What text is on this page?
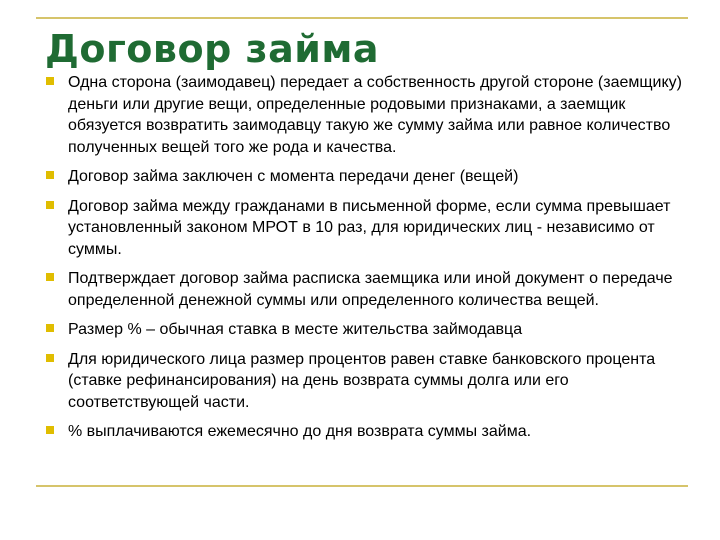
Договор займа
Одна сторона (заимодавец) передает а собственность другой стороне (заемщику) деньги или другие вещи, определенные родовыми признаками, а заемщик обязуется возвратить заимодавцу такую же сумму займа или равное количество полученных вещей того же рода и качества.
Договор займа заключен с момента передачи денег (вещей)
Договор займа между гражданами в письменной форме, если сумма превышает установленный законом МРОТ в 10 раз, для юридических лиц - независимо от суммы.
Подтверждает договор займа расписка заемщика или иной документ о передаче определенной денежной суммы или определенного количества вещей.
Размер % – обычная ставка в месте жительства займодавца
Для юридического лица размер процентов равен ставке банковского процента (ставке рефинансирования) на день возврата суммы долга или его соответствующей части.
% выплачиваются ежемесячно до дня возврата суммы займа.
